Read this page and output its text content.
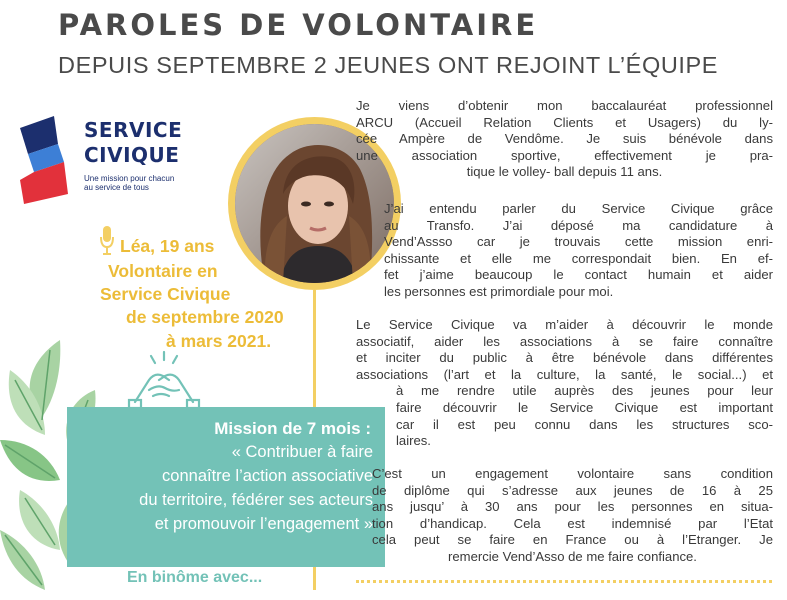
PAROLES DE VOLONTAIRE
DEPUIS SEPTEMBRE 2 JEUNES ONT REJOINT L’ÉQUIPE
SERVICE
CIVIQUE
Une mission pour chacun
au service de tous
Léa, 19 ans
Volontaire en
Service Civique
de septembre 2020
à mars 2021.
Mission de 7 mois :
« Contribuer à faire
connaître l’action associative
du territoire, fédérer ses acteurs
et promouvoir l’engagement »
En binôme avec...
Je viens d’obtenir mon baccalauréat professionnel
ARCU (Accueil Relation Clients et Usagers) du ly-
cée Ampère de Vendôme. Je suis bénévole dans
une association sportive, effectivement je pra-
tique le volley- ball depuis 11 ans.
J’ai entendu parler du Service Civique grâce
au Transfo. J’ai déposé ma candidature à
Vend’Assso car je trouvais cette mission enri-
chissante et elle me correspondait bien. En ef-
fet j’aime beaucoup le contact humain et aider
les personnes est primordiale pour moi.
Le Service Civique va m’aider à découvrir le monde
associatif, aider les associations à se faire connaître
et inciter du public à être bénévole dans différentes
associations (l’art et la culture, la santé, le social...) et
à me rendre utile auprès des jeunes pour leur
faire découvrir le Service Civique est important
car il est peu connu dans les structures sco-
laires.
C’est un engagement volontaire sans condition
de diplôme qui s’adresse aux jeunes de 16 à 25
ans jusqu’ à 30 ans pour les personnes en situa-
tion d’handicap. Cela est indemnisé par l’Etat
cela peut se faire en France ou à l’Etranger. Je
remercie Vend’Asso de me faire confiance.
